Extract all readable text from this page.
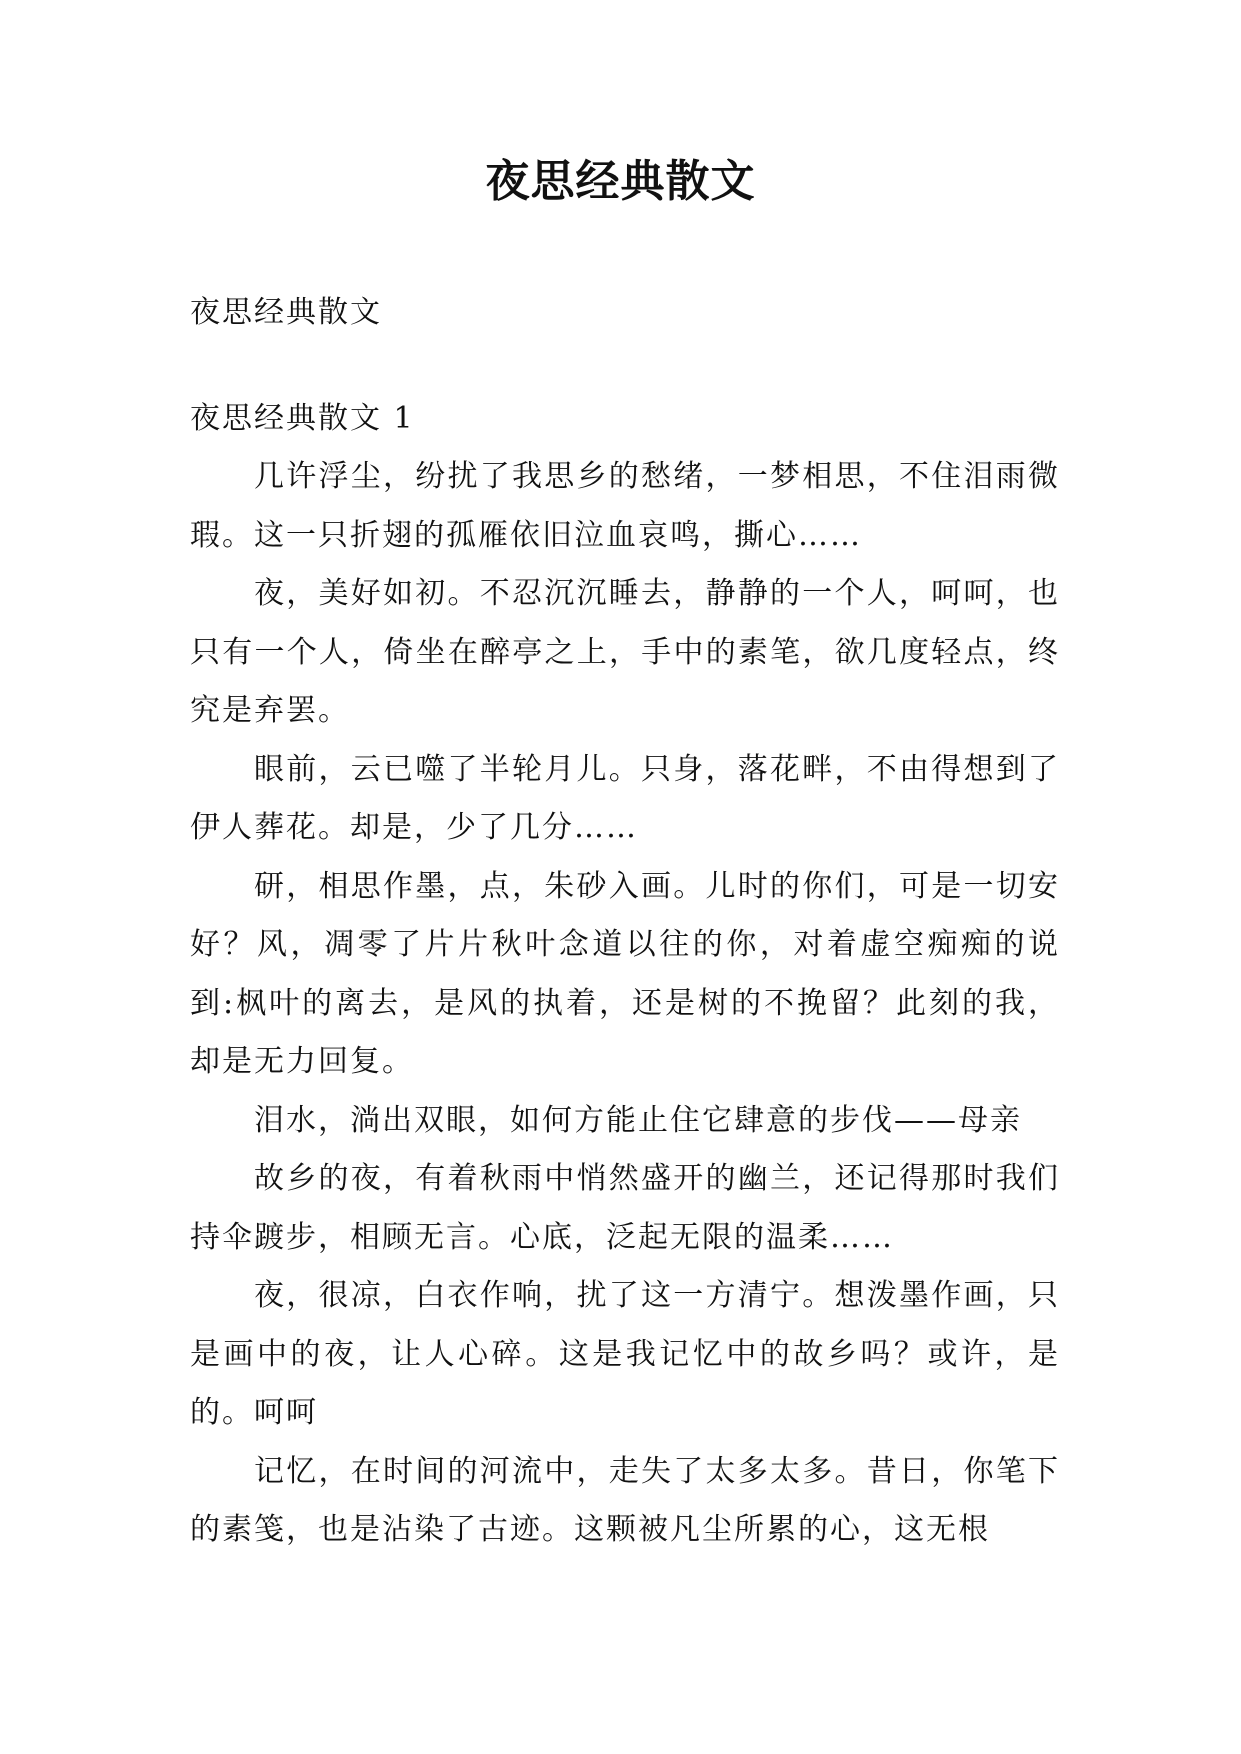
夜思经典散文

夜思经典散文

夜思经典散文 1

几许浮尘，纷扰了我思乡的愁绪，一梦相思，不住泪雨微瑕。这一只折翅的孤雁依旧泣血哀鸣，撕心……

夜，美好如初。不忍沉沉睡去，静静的一个人，呵呵，也只有一个人，倚坐在醉亭之上，手中的素笔，欲几度轻点，终究是弃罢。

眼前，云已噬了半轮月儿。只身，落花畔，不由得想到了伊人葬花。却是，少了几分……

研，相思作墨，点，朱砂入画。儿时的你们，可是一切安好？风，凋零了片片秋叶念道以往的你，对着虚空痴痴的说到:枫叶的离去，是风的执着，还是树的不挽留？此刻的我，却是无力回复。

泪水，淌出双眼，如何方能止住它肆意的步伐——母亲

故乡的夜，有着秋雨中悄然盛开的幽兰，还记得那时我们持伞踱步，相顾无言。心底，泛起无限的温柔……

夜，很凉，白衣作响，扰了这一方清宁。想泼墨作画，只是画中的夜，让人心碎。这是我记忆中的故乡吗？或许，是的。呵呵

记忆，在时间的河流中，走失了太多太多。昔日，你笔下的素笺，也是沾染了古迹。这颗被凡尘所累的心，这无根
